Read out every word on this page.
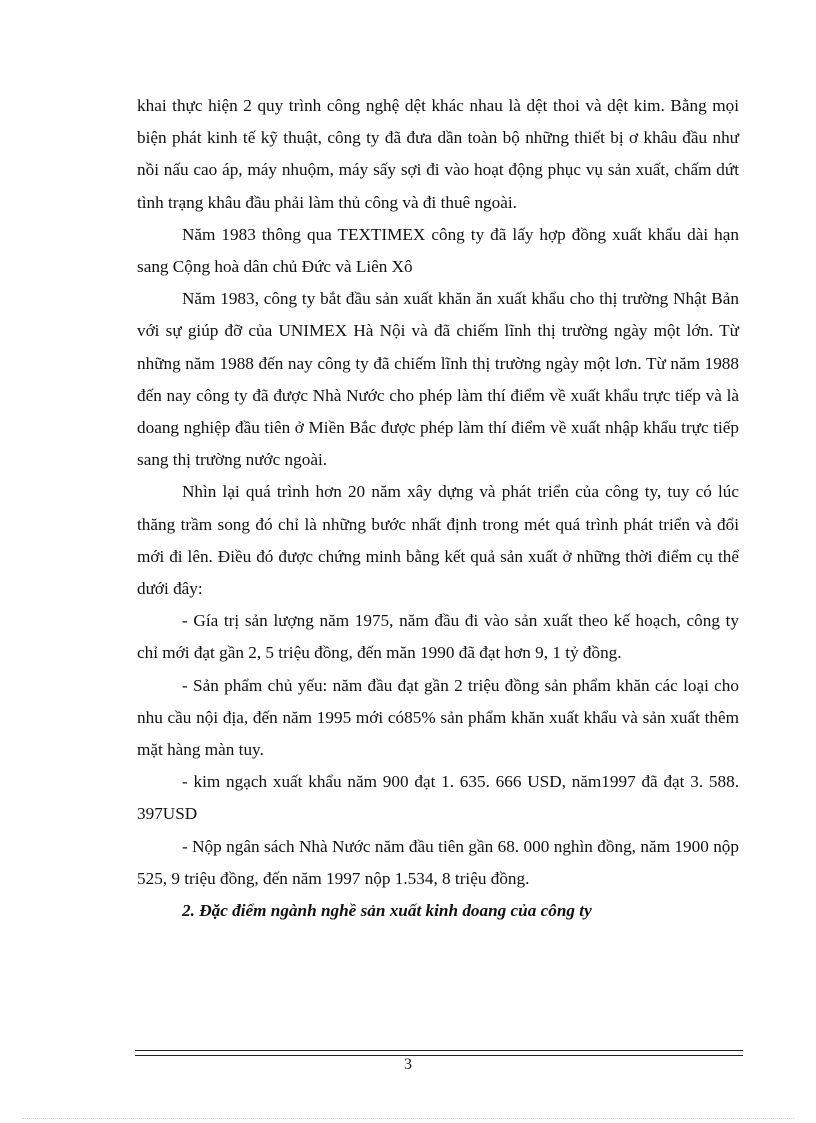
khai thực hiện 2 quy trình công nghệ dệt khác nhau là dệt thoi và dệt kim. Bằng mọi biện phát kinh tế kỹ thuật, công ty đã đưa dần toàn bộ những thiết bị ơ khâu đầu như nồi nấu cao áp, máy nhuộm, máy sấy sợi đi vào hoạt động phục vụ sản xuất, chấm dứt tình trạng khâu đầu phải làm thủ công và đi thuê ngoài.

Năm 1983 thông qua TEXTIMEX công ty đã lấy hợp đồng xuất khẩu dài hạn sang Cộng hoà dân chủ Đức và Liên Xô

Năm 1983, công ty bắt đầu sản xuất khăn ăn xuất khẩu cho thị trường Nhật Bản với sự giúp đỡ của UNIMEX Hà Nội và đã chiếm lĩnh thị trường ngày một lớn. Từ những năm 1988 đến nay công ty đã chiếm lĩnh thị trường ngày một lơn. Từ năm 1988 đến nay công ty đã được Nhà Nước cho phép làm thí điểm về xuất khẩu trực tiếp và là doang nghiệp đầu tiên ở Miền Bắc được phép làm thí điểm về xuất nhập khẩu trực tiếp sang thị trường nước ngoài.

Nhìn lại quá trình hơn 20 năm xây dựng và phát triển của công ty, tuy có lúc thăng trầm song đó chỉ là những bước nhất định trong mét quá trình phát triển và đổi mới đi lên. Điều đó được chứng minh bằng kết quả sản xuất ở những thời điểm cụ thể dưới đây:

- Gía trị sản lượng năm 1975, năm đầu đi vào sản xuất theo kế hoạch, công ty chỉ mới đạt gần 2, 5 triệu đồng, đến măn 1990 đã đạt hơn 9, 1 tỷ đồng.

- Sản phẩm chủ yếu: năm đầu đạt gần 2 triệu đồng sản phẩm khăn các loại cho nhu cầu nội địa, đến năm 1995 mới có85% sản phẩm khăn xuất khẩu và sản xuất thêm mặt hàng màn tuy.

- kim ngạch xuất khẩu năm 900 đạt 1. 635. 666 USD, năm1997 đã đạt 3. 588. 397USD

- Nộp ngân sách Nhà Nước năm đầu tiên gần 68. 000 nghìn đồng, năm 1900 nộp 525, 9 triệu đồng, đến năm 1997 nộp 1.534, 8 triệu đồng.

2. Đặc điểm ngành nghề sản xuất kinh doang của công ty

3
